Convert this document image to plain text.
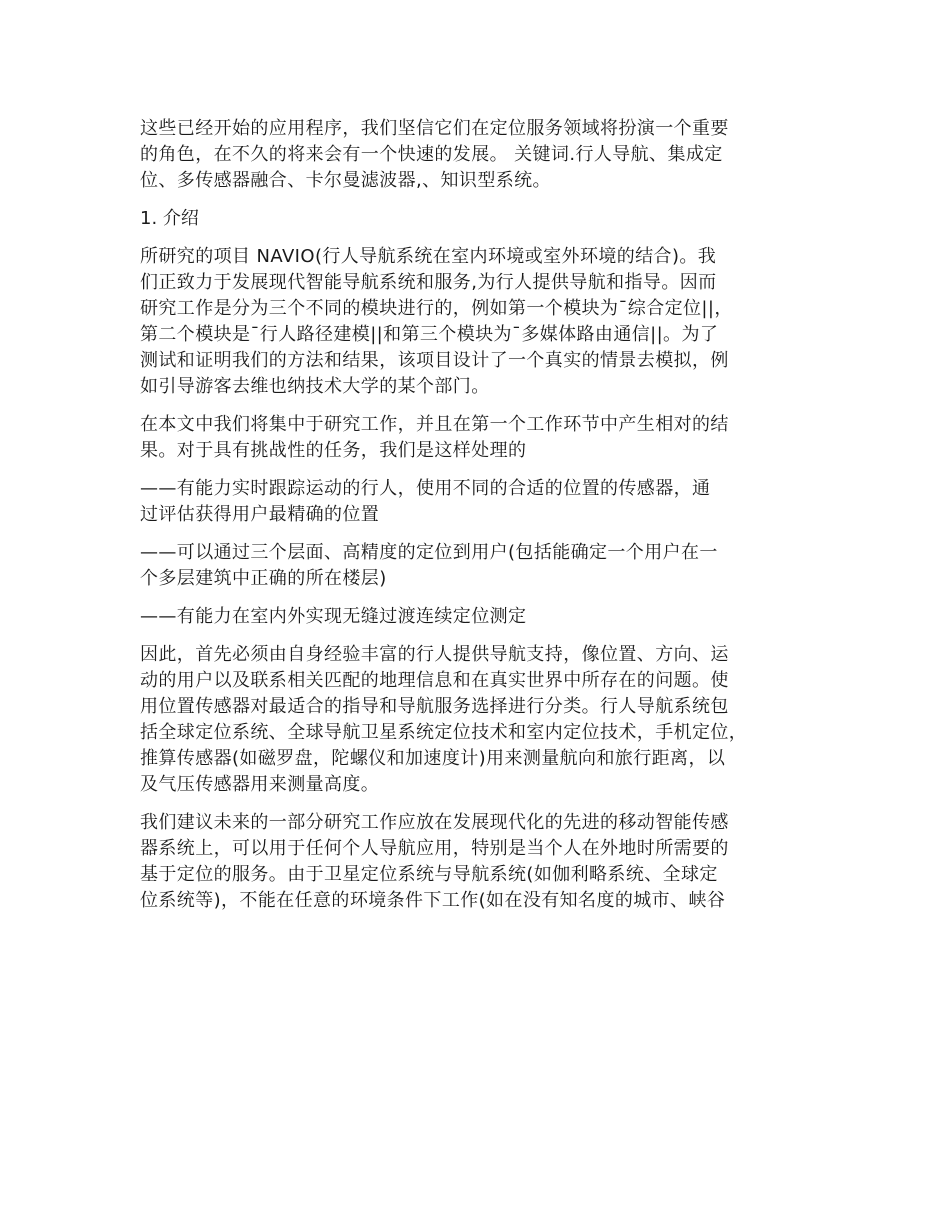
这些已经开始的应用程序，我们坚信它们在定位服务领域将扮演一个重要
的角色，在不久的将来会有一个快速的发展。 关键词.行人导航、集成定
位、多传感器融合、卡尔曼滤波器,、知识型系统。

1. 介绍

所研究的项目 NAVIO(行人导航系统在室内环境或室外环境的结合)。我
们正致力于发展现代智能导航系统和服务,为行人提供导航和指导。因而
研究工作是分为三个不同的模块进行的，例如第一个模块为¯综合定位||，
第二个模块是¯行人路径建模||和第三个模块为¯多媒体路由通信||。为了
测试和证明我们的方法和结果，该项目设计了一个真实的情景去模拟，例
如引导游客去维也纳技术大学的某个部门。

在本文中我们将集中于研究工作，并且在第一个工作环节中产生相对的结
果。对于具有挑战性的任务，我们是这样处理的

——有能力实时跟踪运动的行人，使用不同的合适的位置的传感器，通
过评估获得用户最精确的位置

——可以通过三个层面、高精度的定位到用户(包括能确定一个用户在一
个多层建筑中正确的所在楼层)

——有能力在室内外实现无缝过渡连续定位测定

因此，首先必须由自身经验丰富的行人提供导航支持，像位置、方向、运
动的用户以及联系相关匹配的地理信息和在真实世界中所存在的问题。使
用位置传感器对最适合的指导和导航服务选择进行分类。行人导航系统包
括全球定位系统、全球导航卫星系统定位技术和室内定位技术，手机定位，
推算传感器(如磁罗盘，陀螺仪和加速度计)用来测量航向和旅行距离，以
及气压传感器用来测量高度。

我们建议未来的一部分研究工作应放在发展现代化的先进的移动智能传感
器系统上，可以用于任何个人导航应用，特别是当个人在外地时所需要的
基于定位的服务。由于卫星定位系统与导航系统(如伽利略系统、全球定
位系统等)，不能在任意的环境条件下工作(如在没有知名度的城市、峡谷
